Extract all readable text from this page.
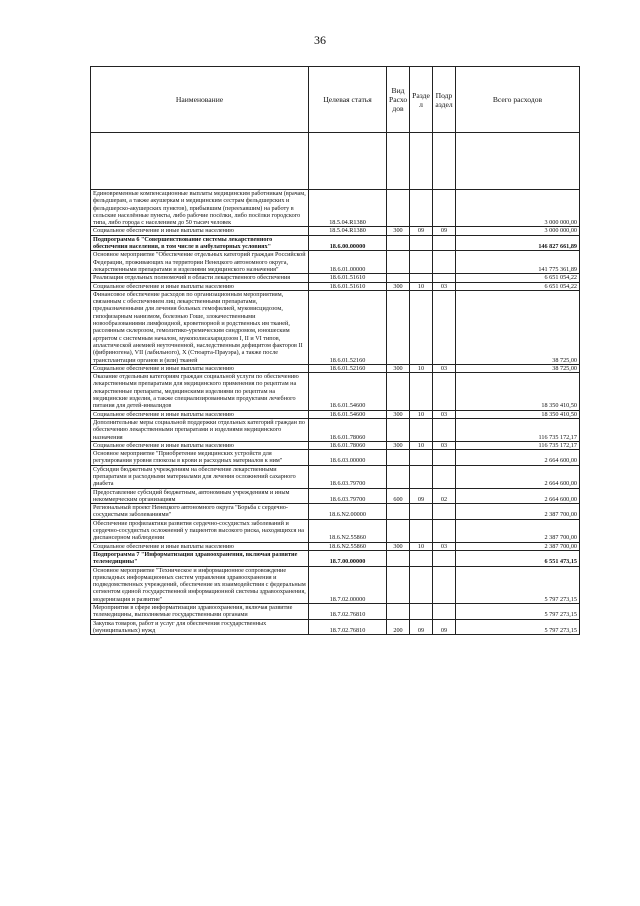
36
Наименование	Целевая статья	Вид Расхо дов	Разде л	Подр аздел	Всего расходов

Единовременные компенсационные выплаты медицинским работникам (врачам, фельдшерам, а также акушеркам и медицинским сестрам фельдшерских и фельдшерско-акушерских пунктов), прибывшим (переехавшим) на работу в сельские населённые пункты, либо рабочие посёлки, либо посёлки городского типа, либо города с населением до 50 тысяч человек	18.5.04.R1380				3 000 000,00
Социальное обеспечение и иные выплаты населению	18.5.04.R1380	300	09	09	3 000 000,00
Подпрограмма 6 "Совершенствование системы лекарственного обеспечения населения, в том числе в амбулаторных условиях"	18.6.00.00000				146 827 661,89
Основное мероприятие "Обеспечение отдельных категорий граждан Российской Федерации, проживающих на территории Ненецкого автономного округа, лекарственными препаратами и изделиями медицинского назначения"	18.6.01.00000				141 775 361,89
Реализация отдельных полномочий в области лекарственного обеспечения	18.6.01.51610				6 651 054,22
Социальное обеспечение и иные выплаты населению	18.6.01.51610	300	10	03	6 651 054,22
Финансовое обеспечение расходов по организационным мероприятиям, связанным с обеспечением лиц лекарственными препаратами, предназначенными для лечения больных гемофилией, муковисцидозом, гипофизарным нанизмом, болезнью Гоше, злокачественными новообразованиями лимфоидной, кроветворной и родственных им тканей, рассеянным склерозом, гемолитико-уремическим синдромом, юношеским артритом с системным началом, мукополисахаридозом I, II и VI типов, апластической анемией неуточненной, наследственным дефицитом факторов II (фибриногена), VII (лабильного), X (Стюарта-Прауэра), а также после трансплантации органов и (или) тканей	18.6.01.52160				38 725,00
Социальное обеспечение и иные выплаты населению	18.6.01.52160	300	10	03	38 725,00
Оказание отдельным категориям граждан социальной услуги по обеспечению лекарственными препаратами для медицинского применения по рецептам на лекарственные препараты, медицинскими изделиями по рецептам на медицинские изделия, а также специализированными продуктами лечебного питания для детей-инвалидов	18.6.01.54600				18 350 410,50
Социальное обеспечение и иные выплаты населению	18.6.01.54600	300	10	03	18 350 410,50
Дополнительные меры социальной поддержки отдельных категорий граждан по обеспечению лекарственными препаратами и изделиями медицинского назначения	18.6.01.78060				116 735 172,17
Социальное обеспечение и иные выплаты населению	18.6.01.78060	300	10	03	116 735 172,17
Основное мероприятие "Приобретение медицинских устройств для регулирования уровня глюкозы в крови и расходных материалов к ним"	18.6.03.00000				2 664 600,00
Субсидии бюджетным учреждениям на обеспечение лекарственными препаратами и расходными материалами для лечения осложнений сахарного диабета	18.6.03.79700				2 664 600,00
Предоставление субсидий бюджетным, автономным учреждениям и иным некоммерческим организациям	18.6.03.79700	600	09	02	2 664 600,00
Региональный проект Ненецкого автономного округа "Борьба с сердечно-сосудистыми заболеваниями"	18.6.N2.00000				2 387 700,00
Обеспечение профилактики развития сердечно-сосудистых заболеваний и сердечно-сосудистых осложнений у пациентов высокого риска, находящихся на диспансерном наблюдении	18.6.N2.55860				2 387 700,00
Социальное обеспечение и иные выплаты населению	18.6.N2.55860	300	10	03	2 387 700,00
Подпрограмма 7 "Информатизация здравоохранения, включая развитие телемедицины"	18.7.00.00000				6 551 473,15
Основное мероприятие "Техническое и информационное сопровождение прикладных информационных систем управления здравоохранения и подведомственных учреждений, обеспечение их взаимодействия с федеральным сегментом единой государственной информационной системы здравоохранения, модернизация и развитие"	18.7.02.00000				5 797 273,15
Мероприятия в сфере информатизации здравоохранения, включая развитие телемедицины, выполняемые государственными органами	18.7.02.76810				5 797 273,15
Закупка товаров, работ и услуг для обеспечения государственных (муниципальных) нужд	18.7.02.76810	200	09	09	5 797 273,15
